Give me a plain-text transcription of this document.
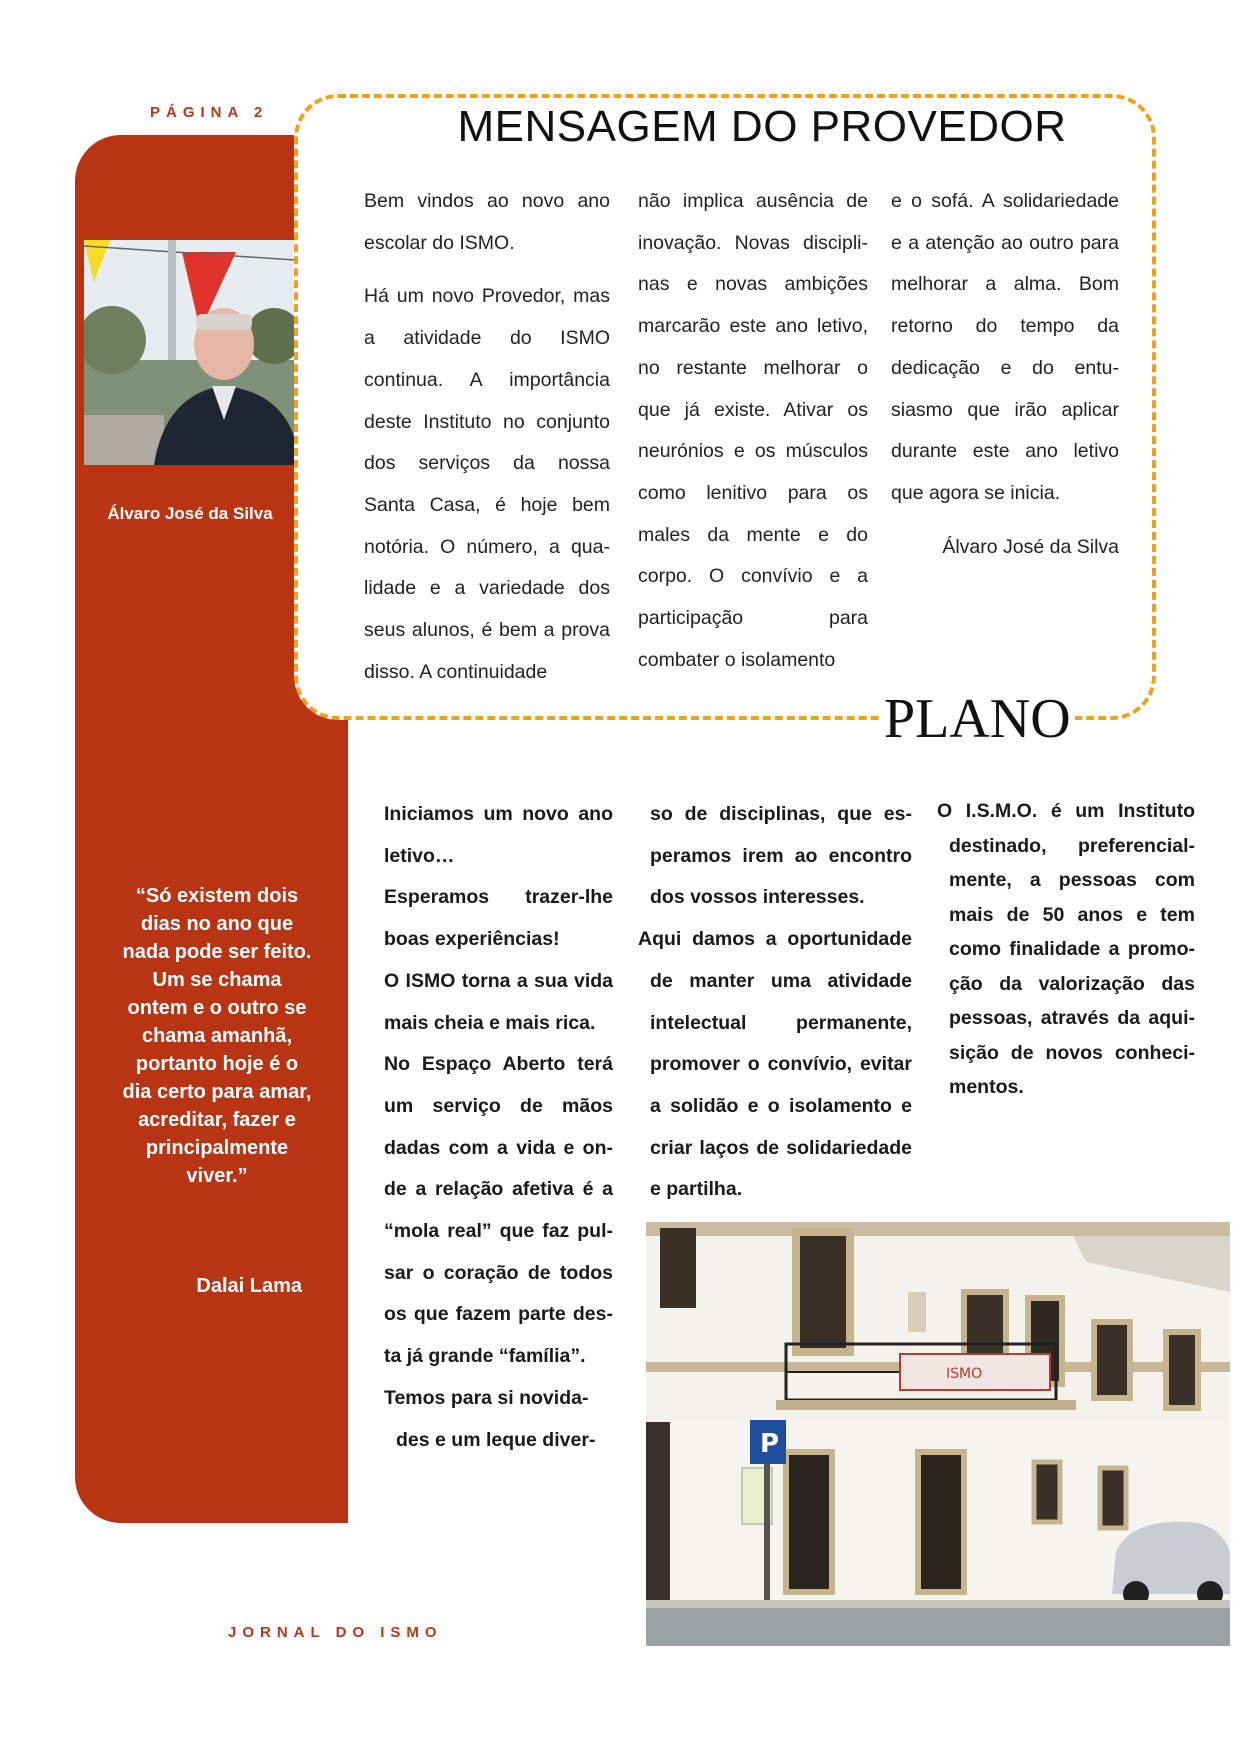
PÁGINA 2
Álvaro José da Silva
“Só existem dois dias no ano que nada pode ser feito. Um se chama ontem e o outro se chama amanhã, portanto hoje é o dia certo para amar, acreditar, fazer e principalmente viver.”
Dalai Lama
MENSAGEM DO PROVEDOR

Bem vindos ao novo ano escolar do ISMO.

Há um novo Provedor, mas a atividade do ISMO continua. A importância deste Instituto no conjunto dos serviços da nossa Santa Casa, é hoje bem notória. O número, a qualidade e a variedade dos seus alunos, é bem a prova disso. A continuidade

não implica ausência de inovação. Novas disciplinas e novas ambições marcarão este ano letivo, no restante melhorar o que já existe. Ativar os neurónios e os músculos como lenitivo para os males da mente e do corpo. O convívio e a participação para combater o isolamento

e o sofá. A solidariedade e a atenção ao outro para melhorar a alma. Bom retorno do tempo da dedicação e do entusiasmo que irão aplicar durante este ano letivo que agora se inicia.

Álvaro José da Silva

PLANO

Iniciamos um novo ano letivo…

Esperamos trazer-lhe boas experiências!

O ISMO torna a sua vida mais cheia e mais rica.

No Espaço Aberto terá um serviço de mãos dadas com a vida e onde a relação afetiva é a “mola real” que faz pulsar o coração de todos os que fazem parte desta já grande “família”.

Temos para si novida-

des e um leque diver-

so de disciplinas, que esperamos irem ao encontro dos vossos interesses.

Aqui damos a oportunidade de manter uma atividade intelectual permanente, promover o convívio, evitar a solidão e o isolamento e criar laços de solidariedade e partilha.

O I.S.M.O. é um Instituto destinado, preferencialmente, a pessoas com mais de 50 anos e tem como finalidade a promoção da valorização das pessoas, através da aquisição de novos conhecimentos.

ISMO
P
JORNAL DO ISMO
